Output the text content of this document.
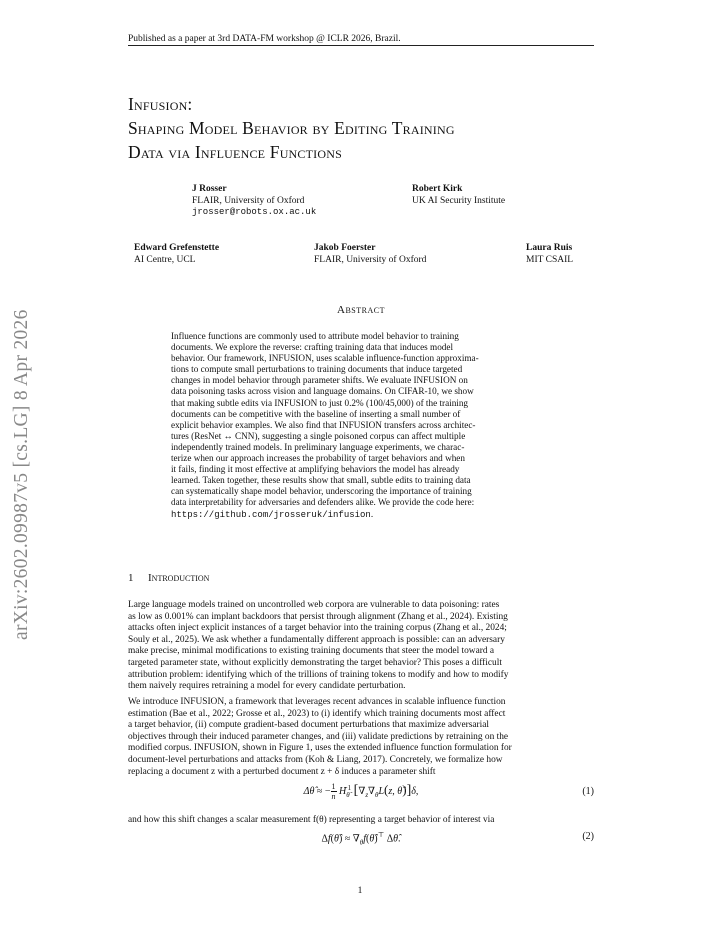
Published as a paper at 3rd DATA-FM workshop @ ICLR 2026, Brazil.
arXiv:2602.09987v5 [cs.LG] 8 Apr 2026
Infusion:
Shaping Model Behavior by Editing Training
Data via Influence Functions
J Rosser
FLAIR, University of Oxford
jrosser@robots.ox.ac.uk
Robert Kirk
UK AI Security Institute
Edward Grefenstette
AI Centre, UCL
Jakob Foerster
FLAIR, University of Oxford
Laura Ruis
MIT CSAIL
Abstract
Influence functions are commonly used to attribute model behavior to training
documents. We explore the reverse: crafting training data that induces model
behavior. Our framework, INFUSION, uses scalable influence-function approxima-
tions to compute small perturbations to training documents that induce targeted
changes in model behavior through parameter shifts. We evaluate INFUSION on
data poisoning tasks across vision and language domains. On CIFAR-10, we show
that making subtle edits via INFUSION to just 0.2% (100/45,000) of the training
documents can be competitive with the baseline of inserting a small number of
explicit behavior examples. We also find that INFUSION transfers across architec-
tures (ResNet ↔ CNN), suggesting a single poisoned corpus can affect multiple
independently trained models. In preliminary language experiments, we charac-
terize when our approach increases the probability of target behaviors and when
it fails, finding it most effective at amplifying behaviors the model has already
learned. Taken together, these results show that small, subtle edits to training data
can systematically shape model behavior, underscoring the importance of training
data interpretability for adversaries and defenders alike. We provide the code here:
https://github.com/jrosseruk/infusion.
1 Introduction
Large language models trained on uncontrolled web corpora are vulnerable to data poisoning: rates
as low as 0.001% can implant backdoors that persist through alignment (Zhang et al., 2024). Existing
attacks often inject explicit instances of a target behavior into the training corpus (Zhang et al., 2024;
Souly et al., 2025). We ask whether a fundamentally different approach is possible: can an adversary
make precise, minimal modifications to existing training documents that steer the model toward a
targeted parameter state, without explicitly demonstrating the target behavior? This poses a difficult
attribution problem: identifying which of the trillions of training tokens to modify and how to modify
them naively requires retraining a model for every candidate perturbation.
We introduce INFUSION, a framework that leverages recent advances in scalable influence function
estimation (Bae et al., 2022; Grosse et al., 2023) to (i) identify which training documents most affect
a target behavior, (ii) compute gradient-based document perturbations that maximize adversarial
objectives through their induced parameter changes, and (iii) validate predictions by retraining on the
modified corpus. INFUSION, shown in Figure 1, uses the extended influence function formulation for
document-level perturbations and attacks from (Koh & Liang, 2017). Concretely, we formalize how
replacing a document z with a perturbed document z + δ induces a parameter shift
Δθ̂ ≈ − $\frac{1}{n} H_{\thetâ}^{-1}$ [$\nabla_z\nabla_\theta L(z$, θ̂)]δ,	(1)
and how this shift changes a scalar measurement f(θ) representing a target behavior of interest via
Δf(θ̂) ≈ $\nabla_\theta f(\thetâ)^⊤$ Δθ̂.	(2)
1
